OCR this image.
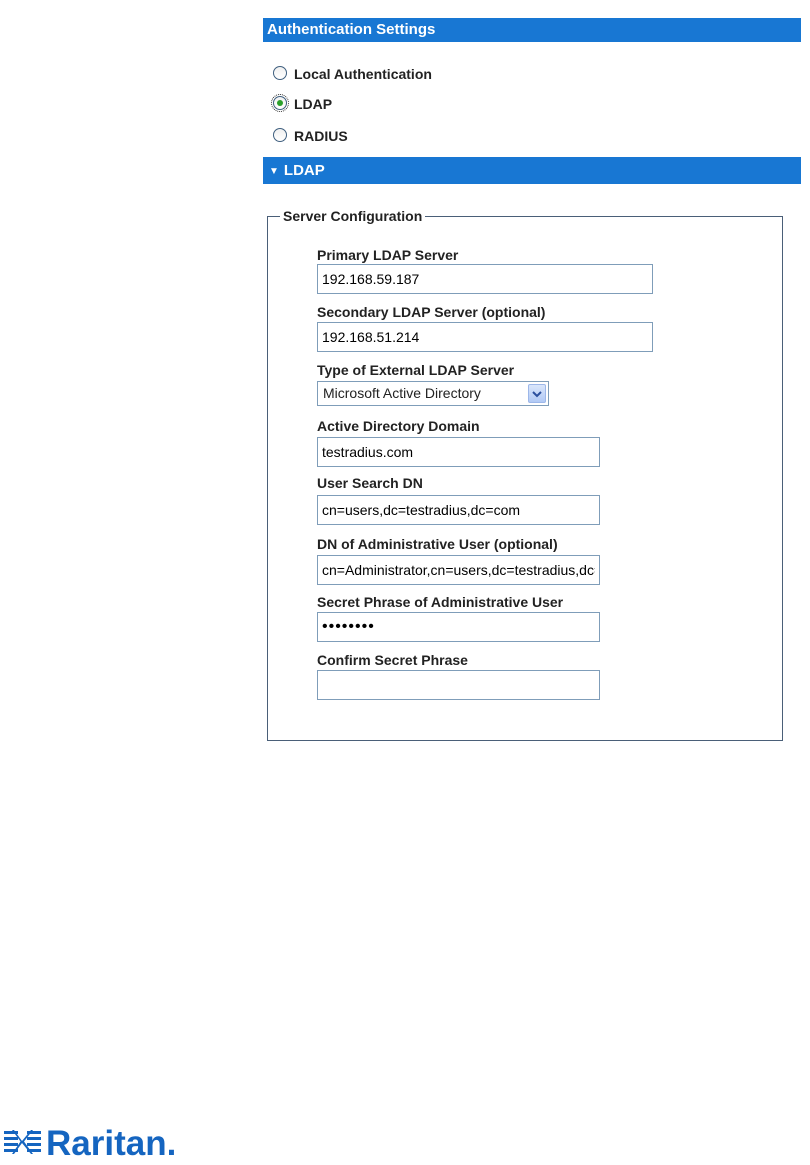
Authentication Settings
Local Authentication
LDAP
RADIUS
▼ LDAP
Server Configuration
Primary LDAP Server
192.168.59.187
Secondary LDAP Server (optional)
192.168.51.214
Type of External LDAP Server
Microsoft Active Directory
Active Directory Domain
testradius.com
User Search DN
cn=users,dc=testradius,dc=com
DN of Administrative User (optional)
cn=Administrator,cn=users,dc=testradius,dc=com
Secret Phrase of Administrative User
••••••••
Confirm Secret Phrase
Raritan.
